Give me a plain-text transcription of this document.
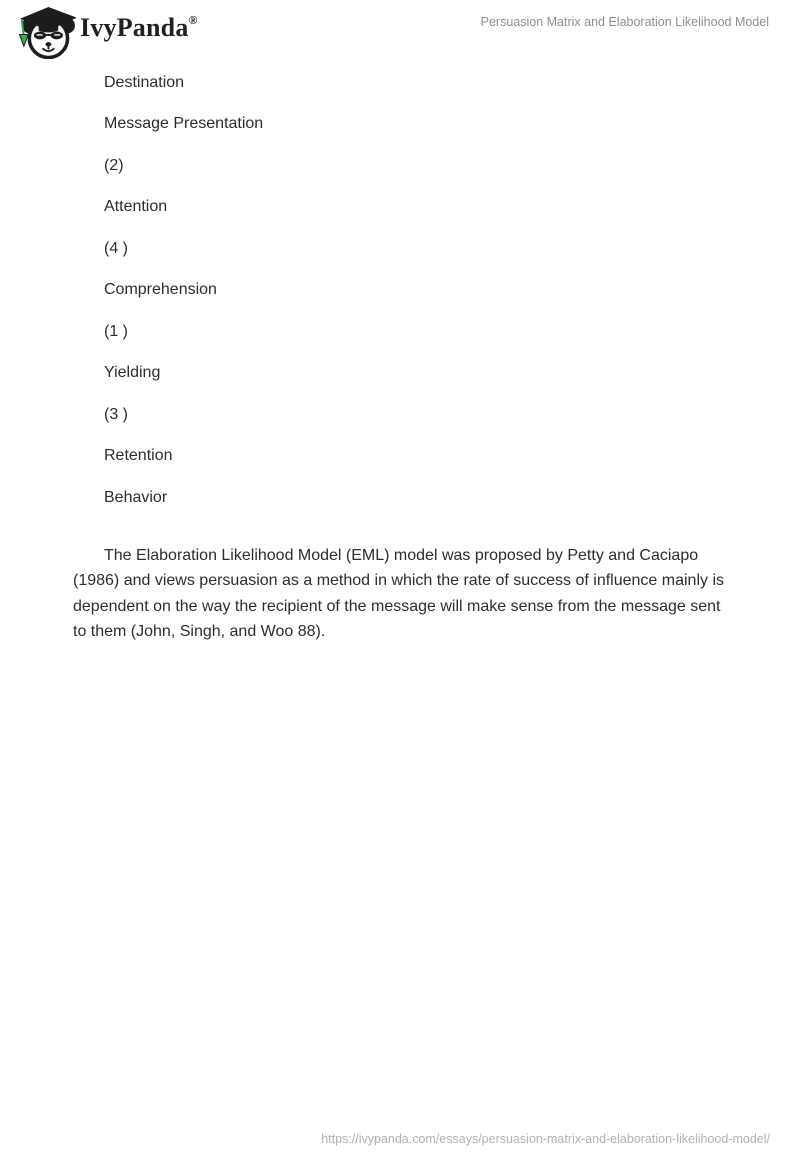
IvyPanda®	Persuasion Matrix and Elaboration Likelihood Model
Destination
Message Presentation
(2)
Attention
(4 )
Comprehension
(1 )
Yielding
(3 )
Retention
Behavior

The Elaboration Likelihood Model (EML) model was proposed by Petty and Caciapo (1986) and views persuasion as a method in which the rate of success of influence mainly is dependent on the way the recipient of the message will make sense from the message sent to them (John, Singh, and Woo 88).

https://ivypanda.com/essays/persuasion-matrix-and-elaboration-likelihood-model/
